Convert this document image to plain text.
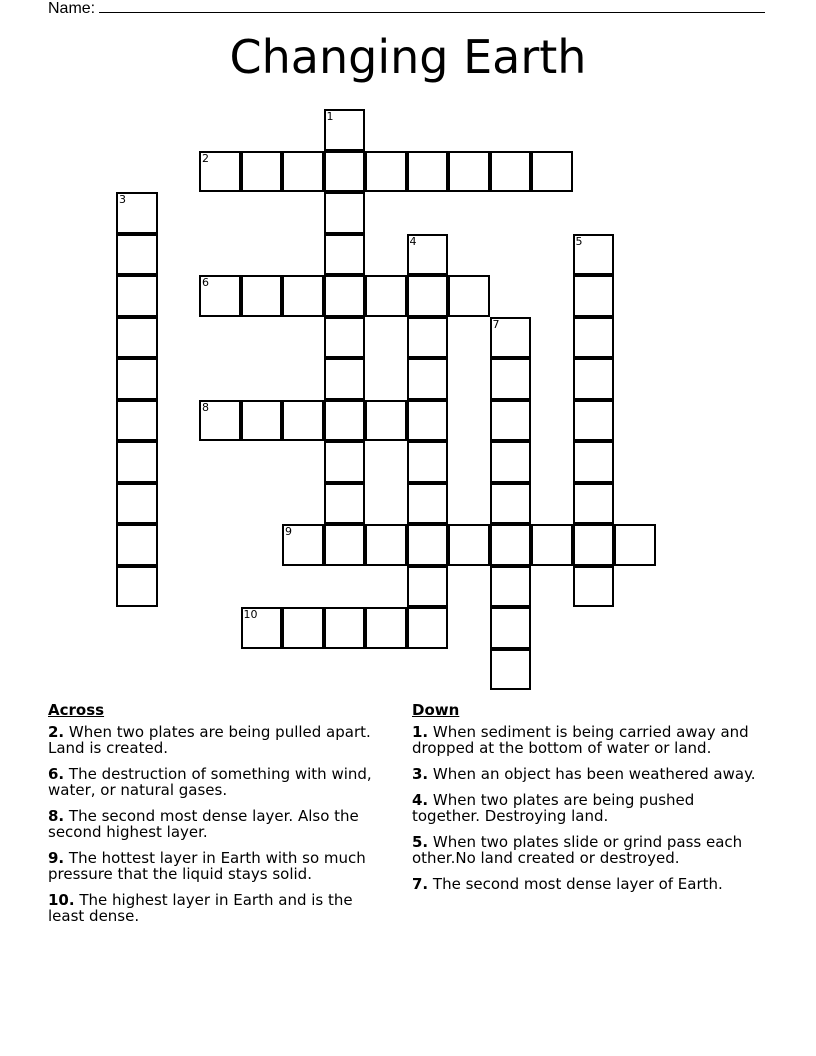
Name:
Changing Earth
1
2
3
4	5
6
7
8
9
10
Across
2. When two plates are being pulled apart. Land is created.
6. The destruction of something with wind, water, or natural gases.
8. The second most dense layer. Also the second highest layer.
9. The hottest layer in Earth with so much pressure that the liquid stays solid.
10. The highest layer in Earth and is the least dense.
Down
1. When sediment is being carried away and dropped at the bottom of water or land.
3. When an object has been weathered away.
4. When two plates are being pushed together. Destroying land.
5. When two plates slide or grind pass each other.No land created or destroyed.
7. The second most dense layer of Earth.
